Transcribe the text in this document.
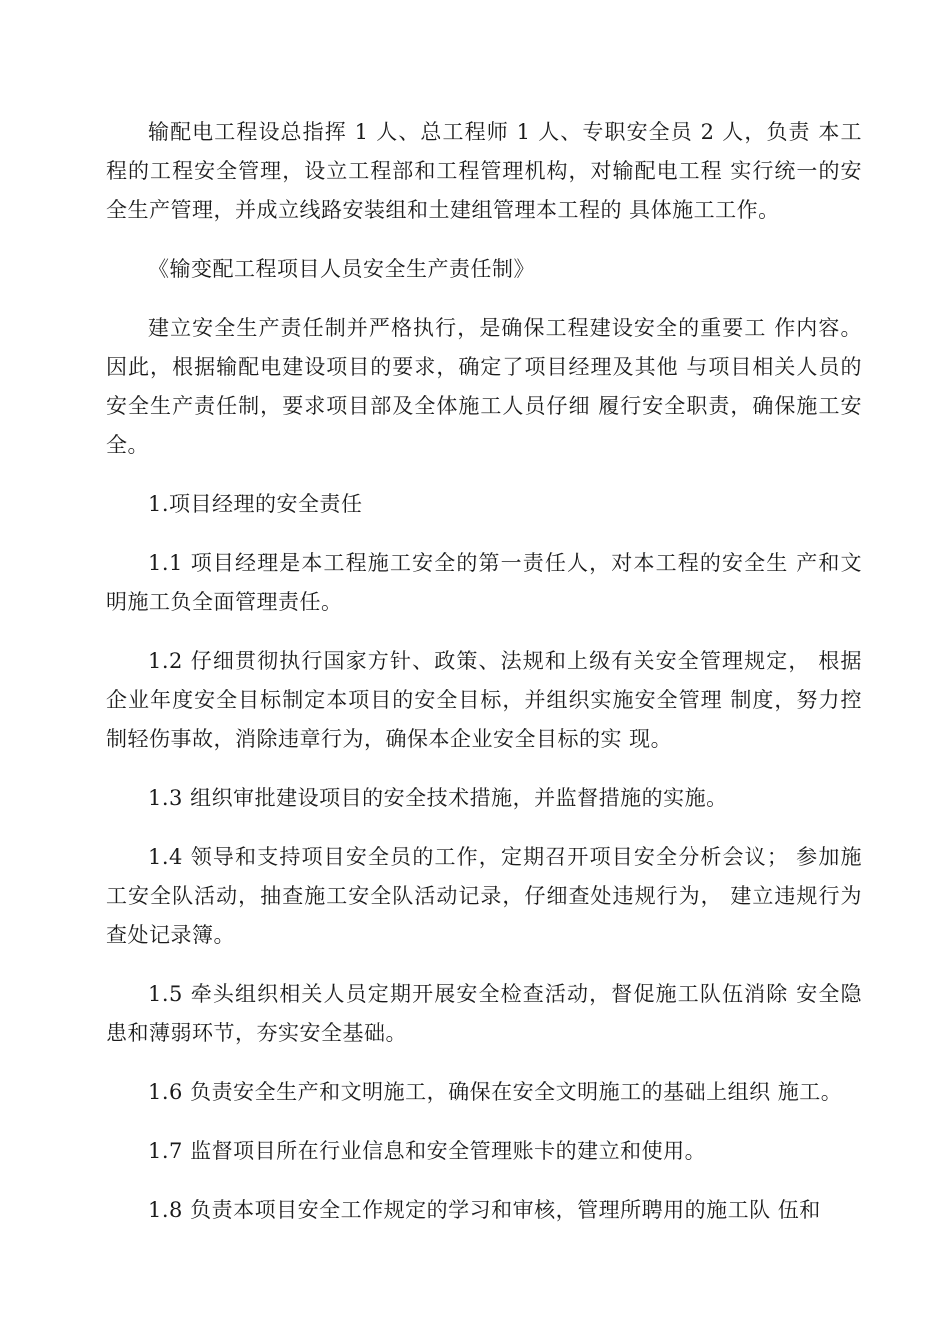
输配电工程设总指挥 1 人、总工程师 1 人、专职安全员 2 人，负责 本工程的工程安全管理，设立工程部和工程管理机构，对输配电工程 实行统一的安全生产管理，并成立线路安装组和土建组管理本工程的 具体施工工作。

《输变配工程项目人员安全生产责任制》

建立安全生产责任制并严格执行，是确保工程建设安全的重要工 作内容。因此，根据输配电建设项目的要求，确定了项目经理及其他 与项目相关人员的安全生产责任制，要求项目部及全体施工人员仔细 履行安全职责，确保施工安全。

1.项目经理的安全责任

1.1 项目经理是本工程施工安全的第一责任人，对本工程的安全生 产和文明施工负全面管理责任。

1.2 仔细贯彻执行国家方针、政策、法规和上级有关安全管理规定， 根据企业年度安全目标制定本项目的安全目标，并组织实施安全管理 制度，努力控制轻伤事故，消除违章行为，确保本企业安全目标的实 现。

1.3 组织审批建设项目的安全技术措施，并监督措施的实施。

1.4 领导和支持项目安全员的工作，定期召开项目安全分析会议； 参加施工安全队活动，抽查施工安全队活动记录，仔细查处违规行为， 建立违规行为查处记录簿。

1.5 牵头组织相关人员定期开展安全检查活动，督促施工队伍消除 安全隐患和薄弱环节，夯实安全基础。

1.6 负责安全生产和文明施工，确保在安全文明施工的基础上组织 施工。

1.7 监督项目所在行业信息和安全管理账卡的建立和使用。

1.8 负责本项目安全工作规定的学习和审核，管理所聘用的施工队 伍和
